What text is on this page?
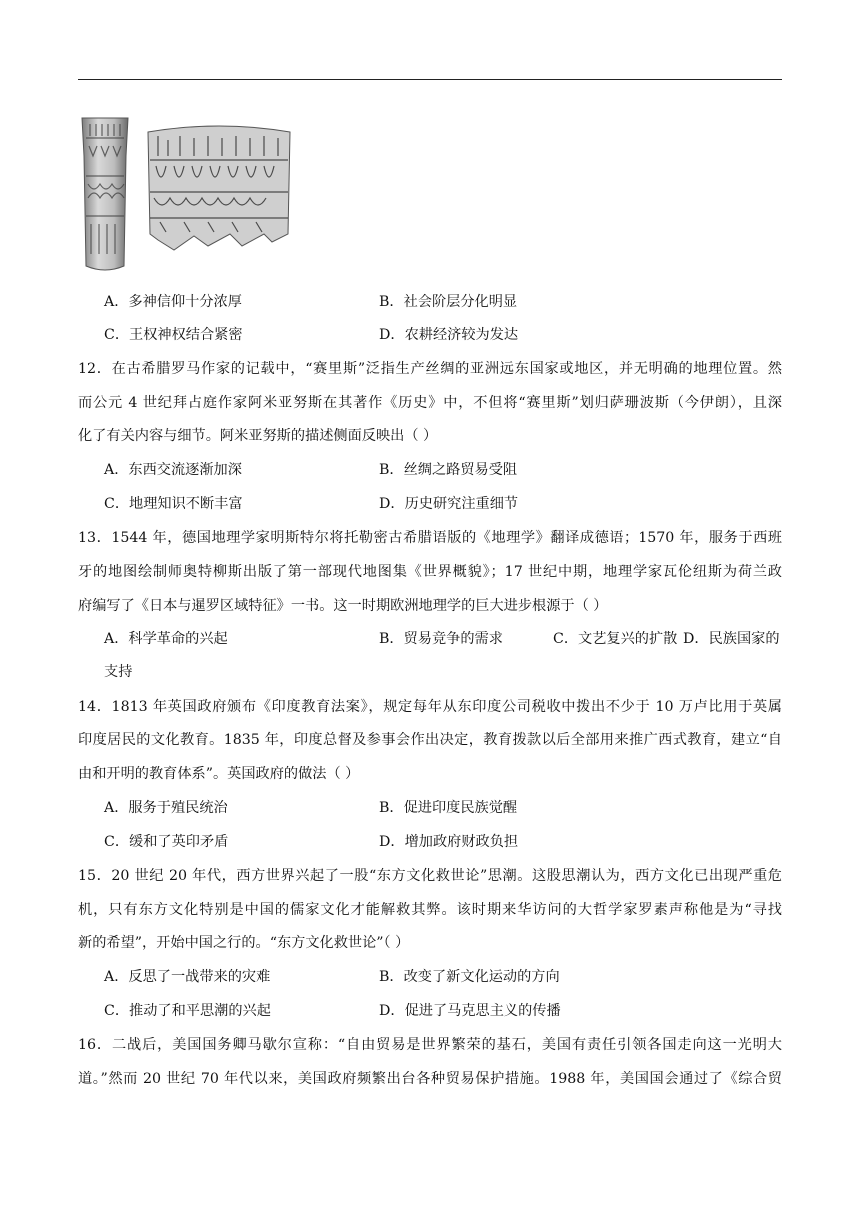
A．多神信仰十分浓厚	B．社会阶层分化明显
C．王权神权结合紧密	D．农耕经济较为发达
12．在古希腊罗马作家的记载中，“赛里斯”泛指生产丝绸的亚洲远东国家或地区，并无明确的地理位置。然
而公元 4 世纪拜占庭作家阿米亚努斯在其著作《历史》中，不但将“赛里斯”划归萨珊波斯（今伊朗），且深
化了有关内容与细节。阿米亚努斯的描述侧面反映出（ ）
A．东西交流逐渐加深	B．丝绸之路贸易受阻
C．地理知识不断丰富	D．历史研究注重细节
13．1544 年，德国地理学家明斯特尔将托勒密古希腊语版的《地理学》翻译成德语；1570 年，服务于西班
牙的地图绘制师奥特柳斯出版了第一部现代地图集《世界概貌》；17 世纪中期，地理学家瓦伦纽斯为荷兰政
府编写了《日本与暹罗区域特征》一书。这一时期欧洲地理学的巨大进步根源于（ ）
A．科学革命的兴起	B．贸易竞争的需求	C．文艺复兴的扩散 D．民族国家的
支持
14．1813 年英国政府颁布《印度教育法案》，规定每年从东印度公司税收中拨出不少于 10 万卢比用于英属
印度居民的文化教育。1835 年，印度总督及参事会作出决定，教育拨款以后全部用来推广西式教育，建立“自
由和开明的教育体系”。英国政府的做法（ ）
A．服务于殖民统治	B．促进印度民族觉醒
C．缓和了英印矛盾	D．增加政府财政负担
15．20 世纪 20 年代，西方世界兴起了一股“东方文化救世论”思潮。这股思潮认为，西方文化已出现严重危
机，只有东方文化特别是中国的儒家文化才能解救其弊。该时期来华访问的大哲学家罗素声称他是为“寻找
新的希望”，开始中国之行的。“东方文化救世论”（ ）
A．反思了一战带来的灾难	B．改变了新文化运动的方向
C．推动了和平思潮的兴起	D．促进了马克思主义的传播
16．二战后，美国国务卿马歇尔宣称：“自由贸易是世界繁荣的基石，美国有责任引领各国走向这一光明大
道。”然而 20 世纪 70 年代以来，美国政府频繁出台各种贸易保护措施。1988 年，美国国会通过了《综合贸
